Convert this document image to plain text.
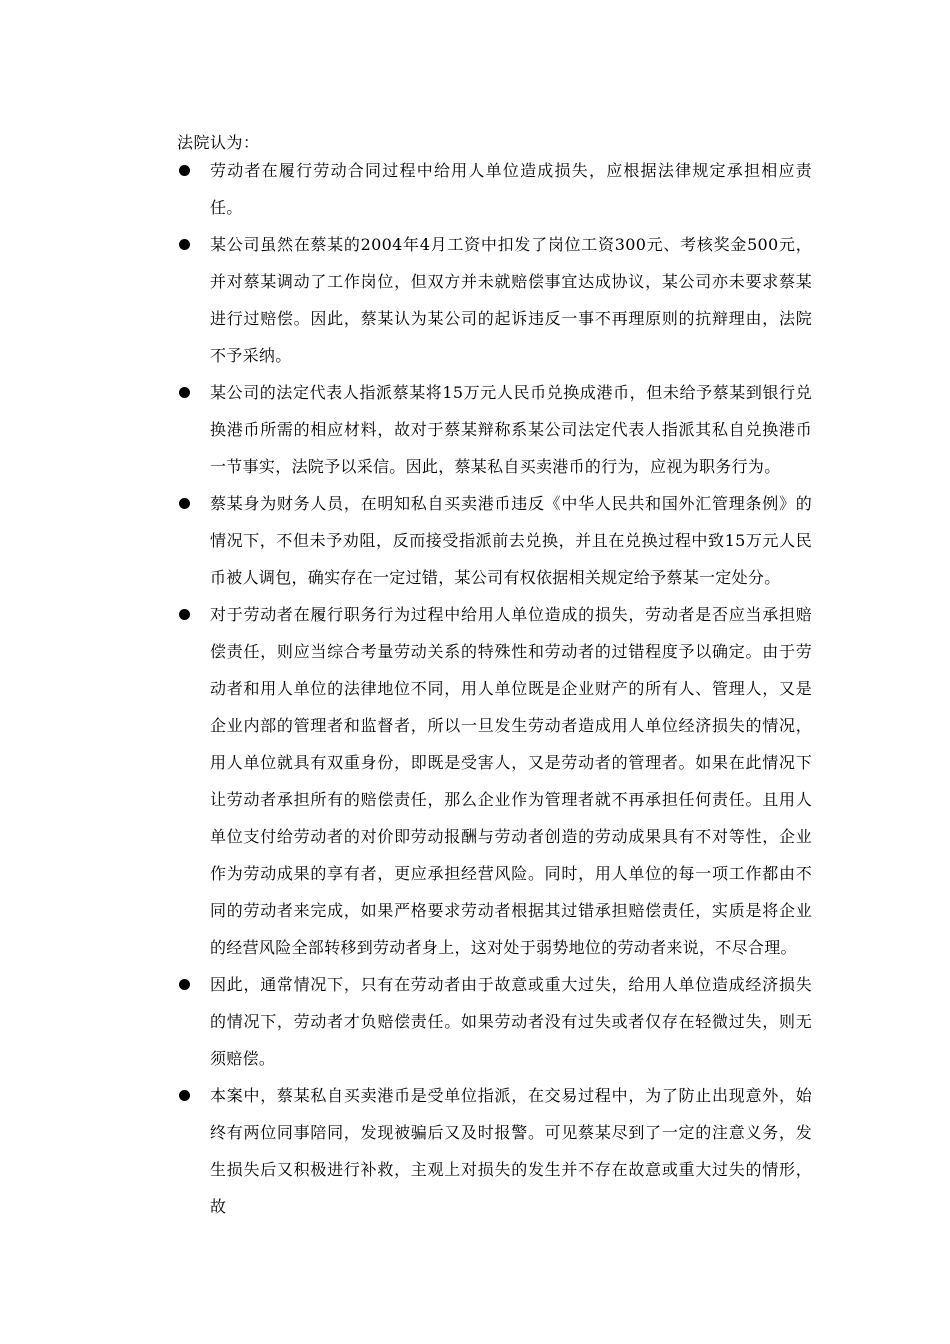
法院认为：
劳动者在履行劳动合同过程中给用人单位造成损失，应根据法律规定承担相应责任。
某公司虽然在蔡某的2004年4月工资中扣发了岗位工资300元、考核奖金500元，并对蔡某调动了工作岗位，但双方并未就赔偿事宜达成协议，某公司亦未要求蔡某进行过赔偿。因此，蔡某认为某公司的起诉违反一事不再理原则的抗辩理由，法院不予采纳。
某公司的法定代表人指派蔡某将15万元人民币兑换成港币，但未给予蔡某到银行兑换港币所需的相应材料，故对于蔡某辩称系某公司法定代表人指派其私自兑换港币一节事实，法院予以采信。因此，蔡某私自买卖港币的行为，应视为职务行为。
蔡某身为财务人员，在明知私自买卖港币违反《中华人民共和国外汇管理条例》的情况下，不但未予劝阻，反而接受指派前去兑换，并且在兑换过程中致15万元人民币被人调包，确实存在一定过错，某公司有权依据相关规定给予蔡某一定处分。
对于劳动者在履行职务行为过程中给用人单位造成的损失，劳动者是否应当承担赔偿责任，则应当综合考量劳动关系的特殊性和劳动者的过错程度予以确定。由于劳动者和用人单位的法律地位不同，用人单位既是企业财产的所有人、管理人，又是企业内部的管理者和监督者，所以一旦发生劳动者造成用人单位经济损失的情况，用人单位就具有双重身份，即既是受害人，又是劳动者的管理者。如果在此情况下让劳动者承担所有的赔偿责任，那么企业作为管理者就不再承担任何责任。且用人单位支付给劳动者的对价即劳动报酬与劳动者创造的劳动成果具有不对等性，企业作为劳动成果的享有者，更应承担经营风险。同时，用人单位的每一项工作都由不同的劳动者来完成，如果严格要求劳动者根据其过错承担赔偿责任，实质是将企业的经营风险全部转移到劳动者身上，这对处于弱势地位的劳动者来说，不尽合理。
因此，通常情况下，只有在劳动者由于故意或重大过失，给用人单位造成经济损失的情况下，劳动者才负赔偿责任。如果劳动者没有过失或者仅存在轻微过失，则无须赔偿。
本案中，蔡某私自买卖港币是受单位指派，在交易过程中，为了防止出现意外，始终有两位同事陪同，发现被骗后又及时报警。可见蔡某尽到了一定的注意义务，发生损失后又积极进行补救，主观上对损失的发生并不存在故意或重大过失的情形，故
